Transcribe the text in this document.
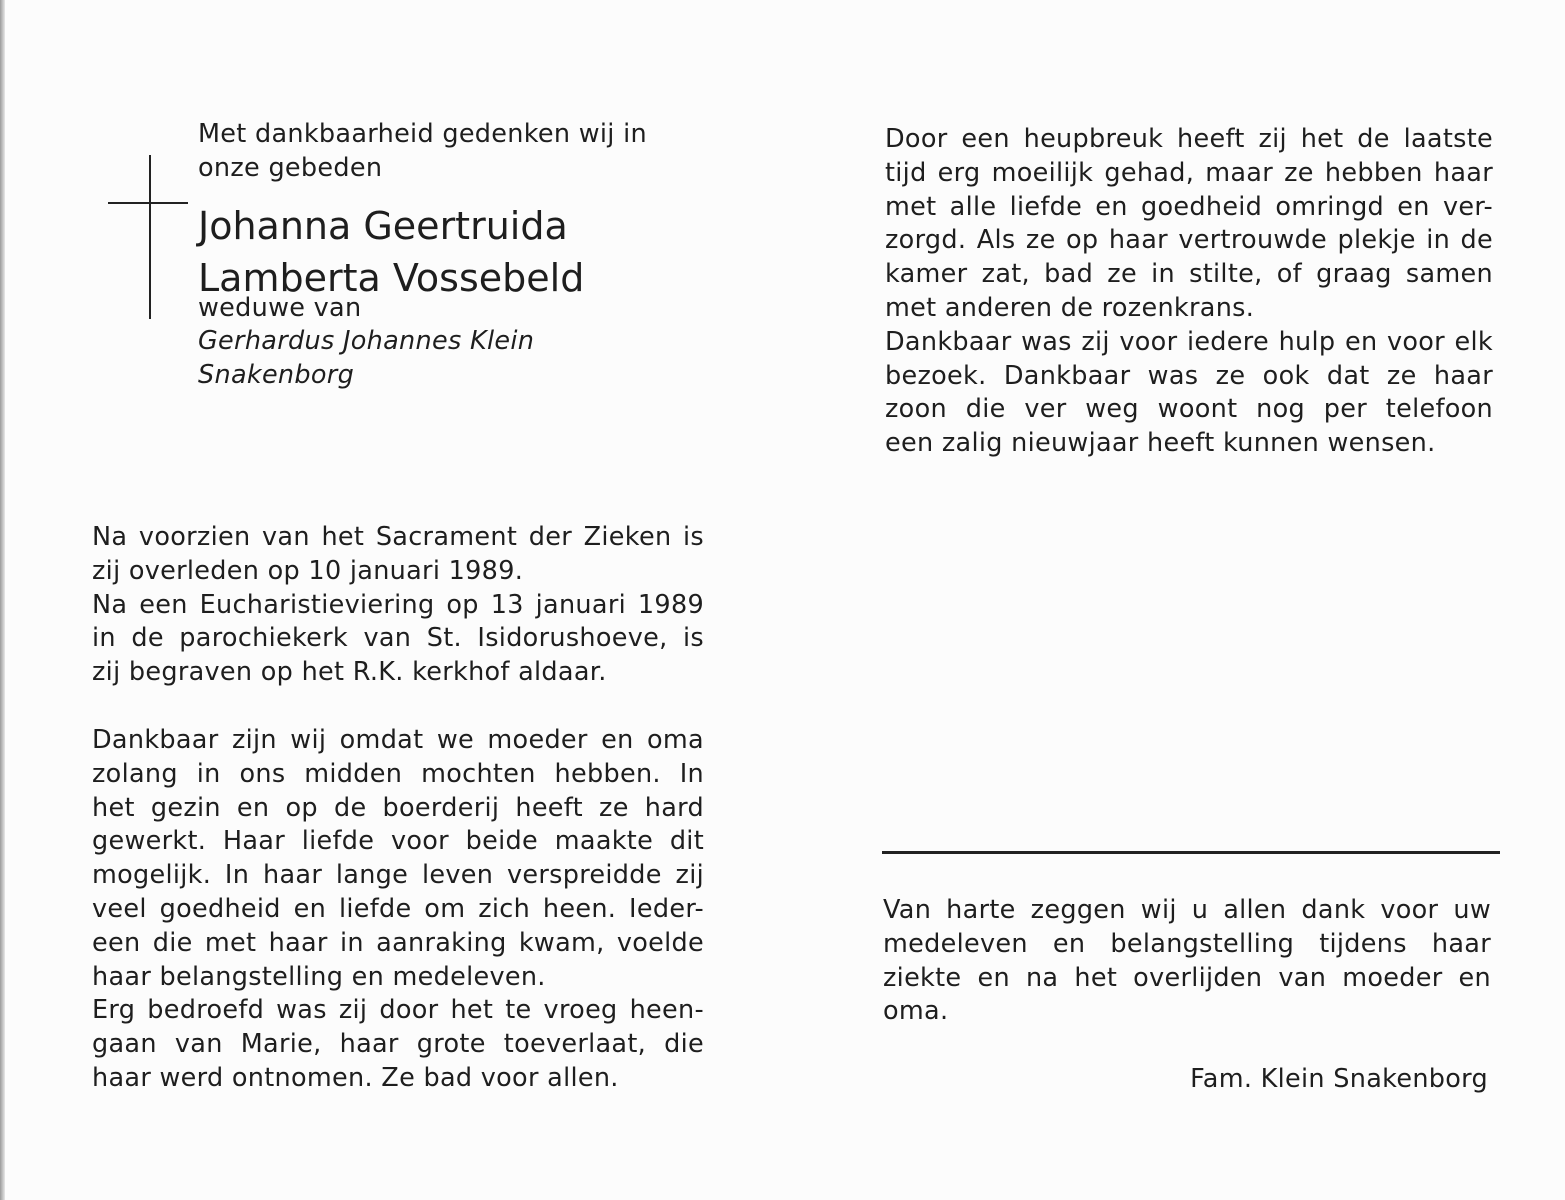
Met dankbaarheid gedenken wij in
onze gebeden
Johanna Geertruida
Lamberta Vossebeld
weduwe van
Gerhardus Johannes Klein
Snakenborg
Na voorzien van het Sacrament der Zieken is
zij overleden op 10 januari 1989.
Na een Eucharistieviering op 13 januari 1989
in de parochiekerk van St. Isidorushoeve, is
zij begraven op het R.K. kerkhof aldaar.
Dankbaar zijn wij omdat we moeder en oma
zolang in ons midden mochten hebben. In
het gezin en op de boerderij heeft ze hard
gewerkt. Haar liefde voor beide maakte dit
mogelijk. In haar lange leven verspreidde zij
veel goedheid en liefde om zich heen. Ieder-
een die met haar in aanraking kwam, voelde
haar belangstelling en medeleven.
Erg bedroefd was zij door het te vroeg heen-
gaan van Marie, haar grote toeverlaat, die
haar werd ontnomen. Ze bad voor allen.
Door een heupbreuk heeft zij het de laatste
tijd erg moeilijk gehad, maar ze hebben haar
met alle liefde en goedheid omringd en ver-
zorgd. Als ze op haar vertrouwde plekje in de
kamer zat, bad ze in stilte, of graag samen
met anderen de rozenkrans.
Dankbaar was zij voor iedere hulp en voor elk
bezoek. Dankbaar was ze ook dat ze haar
zoon die ver weg woont nog per telefoon
een zalig nieuwjaar heeft kunnen wensen.
Van harte zeggen wij u allen dank voor uw
medeleven en belangstelling tijdens haar
ziekte en na het overlijden van moeder en
oma.
Fam. Klein Snakenborg
